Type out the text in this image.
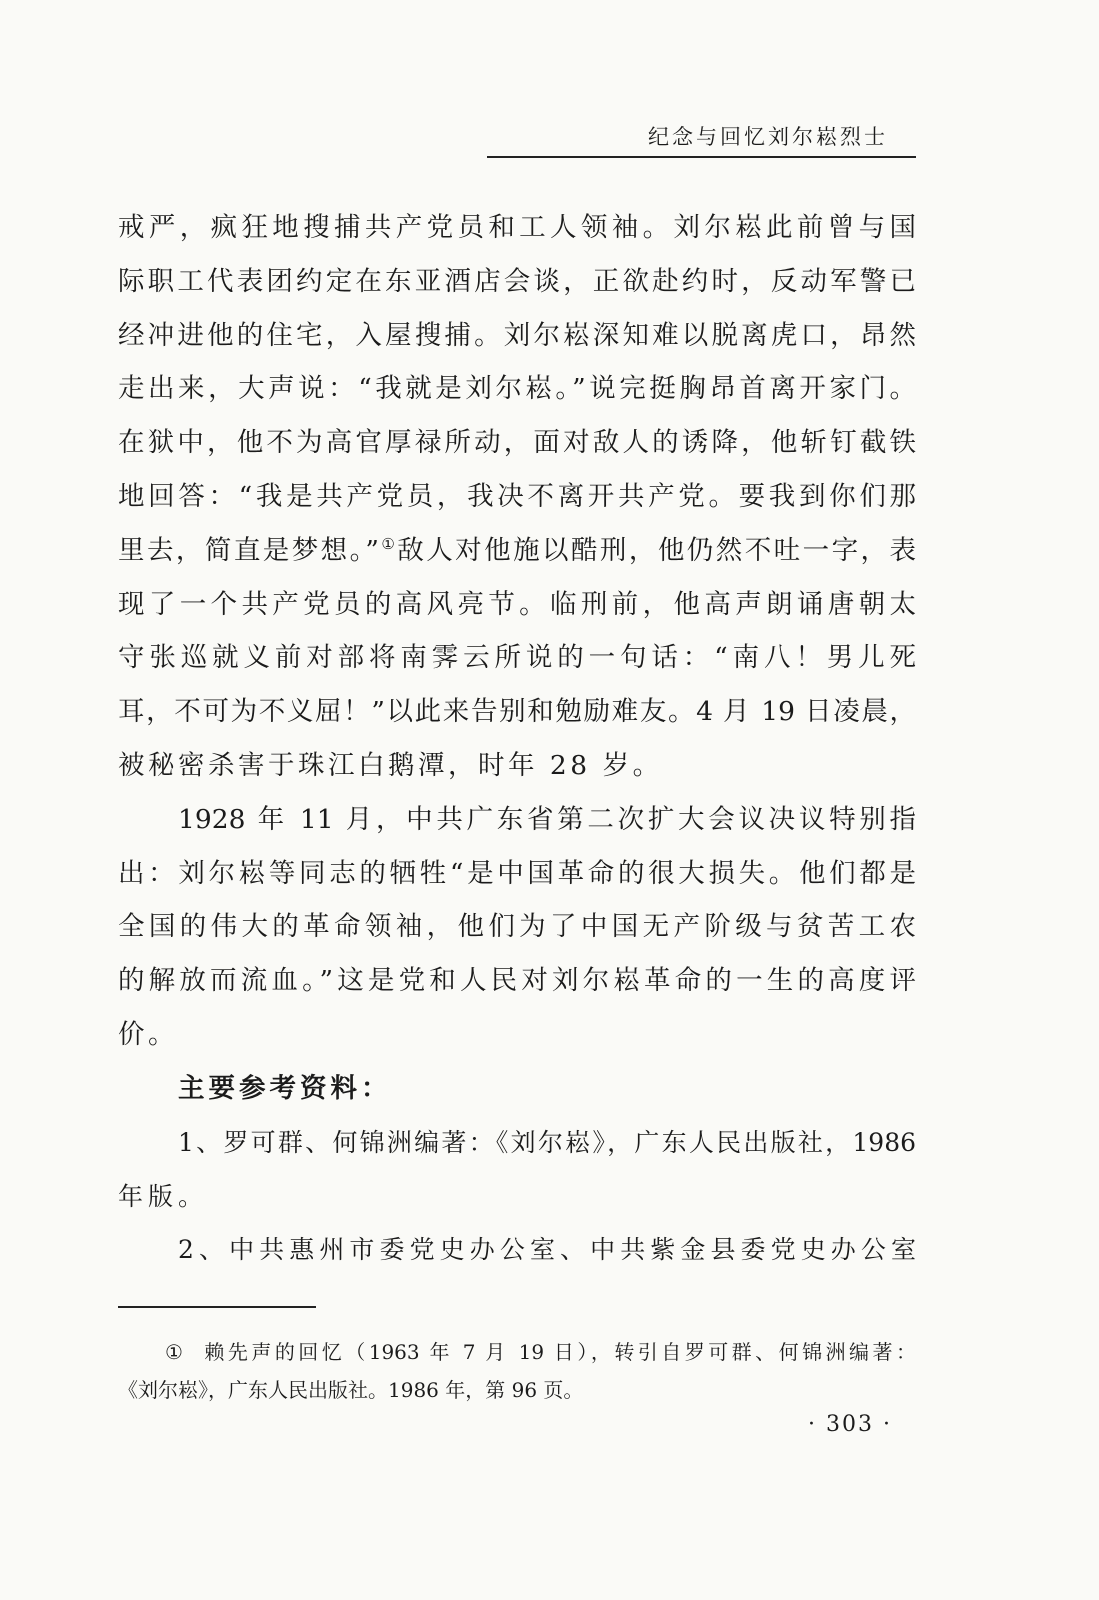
纪念与回忆刘尔崧烈士
戒严，疯狂地搜捕共产党员和工人领袖。刘尔崧此前曾与国
际职工代表团约定在东亚酒店会谈，正欲赴约时，反动军警已
经冲进他的住宅，入屋搜捕。刘尔崧深知难以脱离虎口，昂然
走出来，大声说：“我就是刘尔崧。”说完挺胸昂首离开家门。
在狱中，他不为高官厚禄所动，面对敌人的诱降，他斩钉截铁
地回答：“我是共产党员，我决不离开共产党。要我到你们那
里去，简直是梦想。”①敌人对他施以酷刑，他仍然不吐一字，表
现了一个共产党员的高风亮节。临刑前，他高声朗诵唐朝太
守张巡就义前对部将南霁云所说的一句话：“南八！男儿死
耳，不可为不义屈！”以此来告别和勉励难友。4 月 19 日凌晨，
被秘密杀害于珠江白鹅潭，时年 28 岁。
1928 年 11 月，中共广东省第二次扩大会议决议特别指
出：刘尔崧等同志的牺牲“是中国革命的很大损失。他们都是
全国的伟大的革命领袖，他们为了中国无产阶级与贫苦工农
的解放而流血。”这是党和人民对刘尔崧革命的一生的高度评
价。
主要参考资料：
1、罗可群、何锦洲编著：《刘尔崧》，广东人民出版社，1986
年版。
2、中共惠州市委党史办公室、中共紫金县委党史办公室
① 赖先声的回忆（1963 年 7 月 19 日），转引自罗可群、何锦洲编著：
《刘尔崧》，广东人民出版社。1986 年，第 96 页。
· 303 ·
